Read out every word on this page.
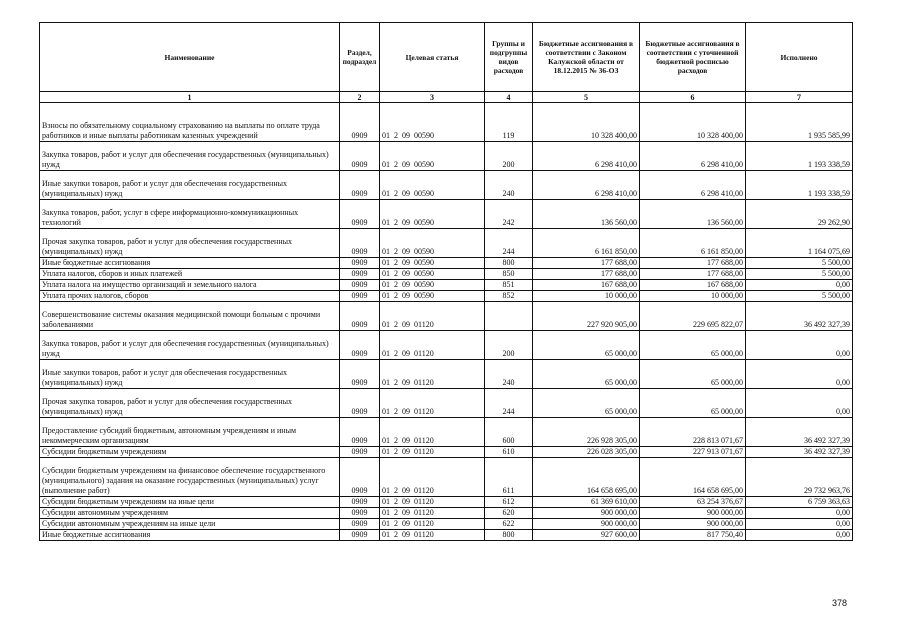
Наименование	Раздел, подраздел	Целевая статья	Группы и подгруппы видов расходов	Бюджетные ассигнования в соответствии с Законом Калужской области от 18.12.2015 № 36-ОЗ	Бюджетные ассигнования в соответствии с уточненной бюджетной росписью расходов	Исполнено
1	2	3	4	5	6	7
Взносы по обязательному социальному страхованию на выплаты по оплате труда работников и иные выплаты работникам казенных учреждений	0909	01  2  09  00590	119	10 328 400,00	10 328 400,00	1 935 585,99
Закупка товаров, работ и услуг для обеспечения государственных (муниципальных) нужд	0909	01  2  09  00590	200	6 298 410,00	6 298 410,00	1 193 338,59
Иные закупки товаров, работ и услуг для обеспечения государственных (муниципальных) нужд	0909	01  2  09  00590	240	6 298 410,00	6 298 410,00	1 193 338,59
Закупка товаров, работ, услуг в сфере информационно-коммуникационных технологий	0909	01  2  09  00590	242	136 560,00	136 560,00	29 262,90
Прочая закупка товаров, работ и услуг для обеспечения государственных (муниципальных) нужд	0909	01  2  09  00590	244	6 161 850,00	6 161 850,00	1 164 075,69
Иные бюджетные ассигнования	0909	01  2  09  00590	800	177 688,00	177 688,00	5 500,00
Уплата налогов, сборов и иных платежей	0909	01  2  09  00590	850	177 688,00	177 688,00	5 500,00
Уплата налога на имущество организаций и земельного налога	0909	01  2  09  00590	851	167 688,00	167 688,00	0,00
Уплата прочих налогов, сборов	0909	01  2  09  00590	852	10 000,00	10 000,00	5 500,00
Совершенствование системы оказания медицинской помощи больным с прочими заболеваниями	0909	01  2  09  01120		227 920 905,00	229 695 822,07	36 492 327,39
Закупка товаров, работ и услуг для обеспечения государственных (муниципальных) нужд	0909	01  2  09  01120	200	65 000,00	65 000,00	0,00
Иные закупки товаров, работ и услуг для обеспечения государственных (муниципальных) нужд	0909	01  2  09  01120	240	65 000,00	65 000,00	0,00
Прочая закупка товаров, работ и услуг для обеспечения государственных (муниципальных) нужд	0909	01  2  09  01120	244	65 000,00	65 000,00	0,00
Предоставление субсидий бюджетным, автономным учреждениям и иным некоммерческим организациям	0909	01  2  09  01120	600	226 928 305,00	228 813 071,67	36 492 327,39
Субсидии бюджетным учреждениям	0909	01  2  09  01120	610	226 028 305,00	227 913 071,67	36 492 327,39
Субсидии бюджетным учреждениям на финансовое обеспечение государственного (муниципального) задания на оказание государственных (муниципальных) услуг (выполнение работ)	0909	01  2  09  01120	611	164 658 695,00	164 658 695,00	29 732 963,76
Субсидии бюджетным учреждениям на иные цели	0909	01  2  09  01120	612	61 369 610,00	63 254 376,67	6 759 363,63
Субсидии автономным учреждениям	0909	01  2  09  01120	620	900 000,00	900 000,00	0,00
Субсидии автономным учреждениям на иные цели	0909	01  2  09  01120	622	900 000,00	900 000,00	0,00
Иные бюджетные ассигнования	0909	01  2  09  01120	800	927 600,00	817 750,40	0,00
378
